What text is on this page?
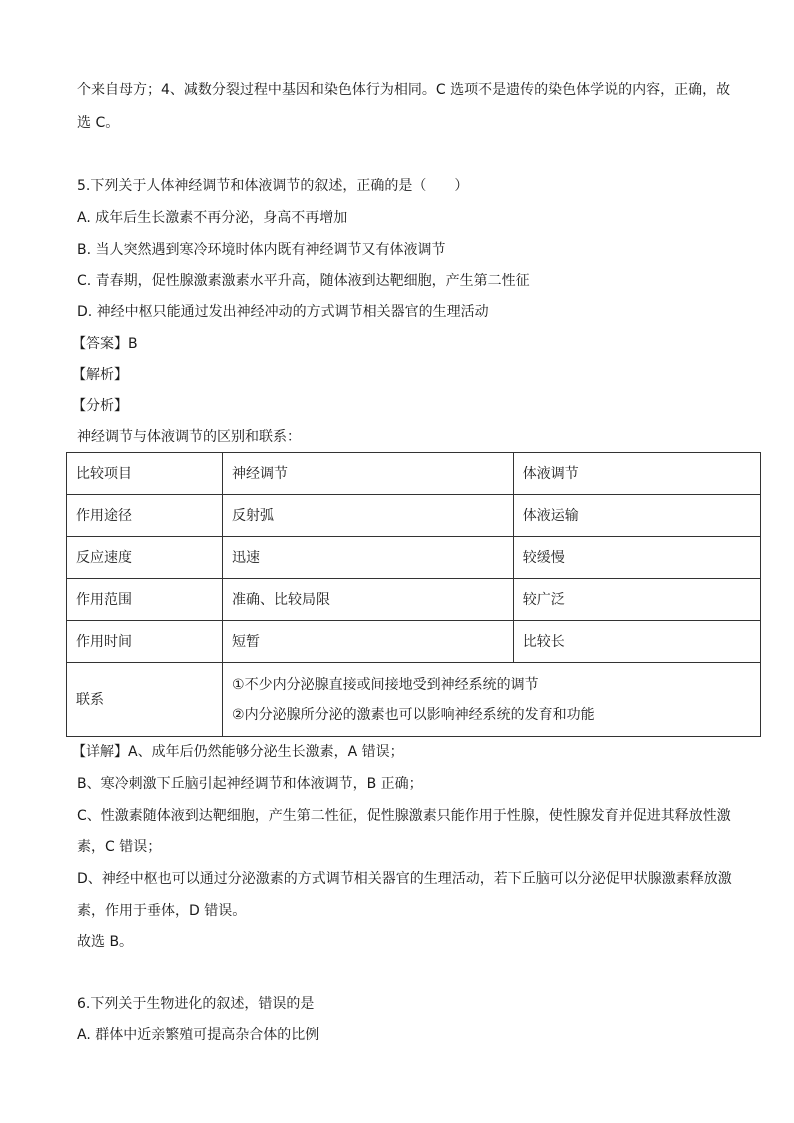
个来自母方；4、减数分裂过程中基因和染色体行为相同。C 选项不是遗传的染色体学说的内容，正确，故
选 C。
5.下列关于人体神经调节和体液调节的叙述，正确的是（　　）
A. 成年后生长激素不再分泌，身高不再增加
B. 当人突然遇到寒冷环境时体内既有神经调节又有体液调节
C. 青春期，促性腺激素激素水平升高，随体液到达靶细胞，产生第二性征
D. 神经中枢只能通过发出神经冲动的方式调节相关器官的生理活动
【答案】B
【解析】
【分析】
神经调节与体液调节的区别和联系：
比较项目	神经调节	体液调节
作用途径	反射弧	体液运输
反应速度	迅速	较缓慢
作用范围	准确、比较局限	较广泛
作用时间	短暂	比较长
联系	①不少内分泌腺直接或间接地受到神经系统的调节
②内分泌腺所分泌的激素也可以影响神经系统的发育和功能	
【详解】A、成年后仍然能够分泌生长激素，A 错误；
B、寒冷刺激下丘脑引起神经调节和体液调节，B 正确；
C、性激素随体液到达靶细胞，产生第二性征，促性腺激素只能作用于性腺，使性腺发育并促进其释放性激
素，C 错误；
D、神经中枢也可以通过分泌激素的方式调节相关器官的生理活动，若下丘脑可以分泌促甲状腺激素释放激
素，作用于垂体，D 错误。
故选 B。
6.下列关于生物进化的叙述，错误的是
A. 群体中近亲繁殖可提高杂合体的比例
